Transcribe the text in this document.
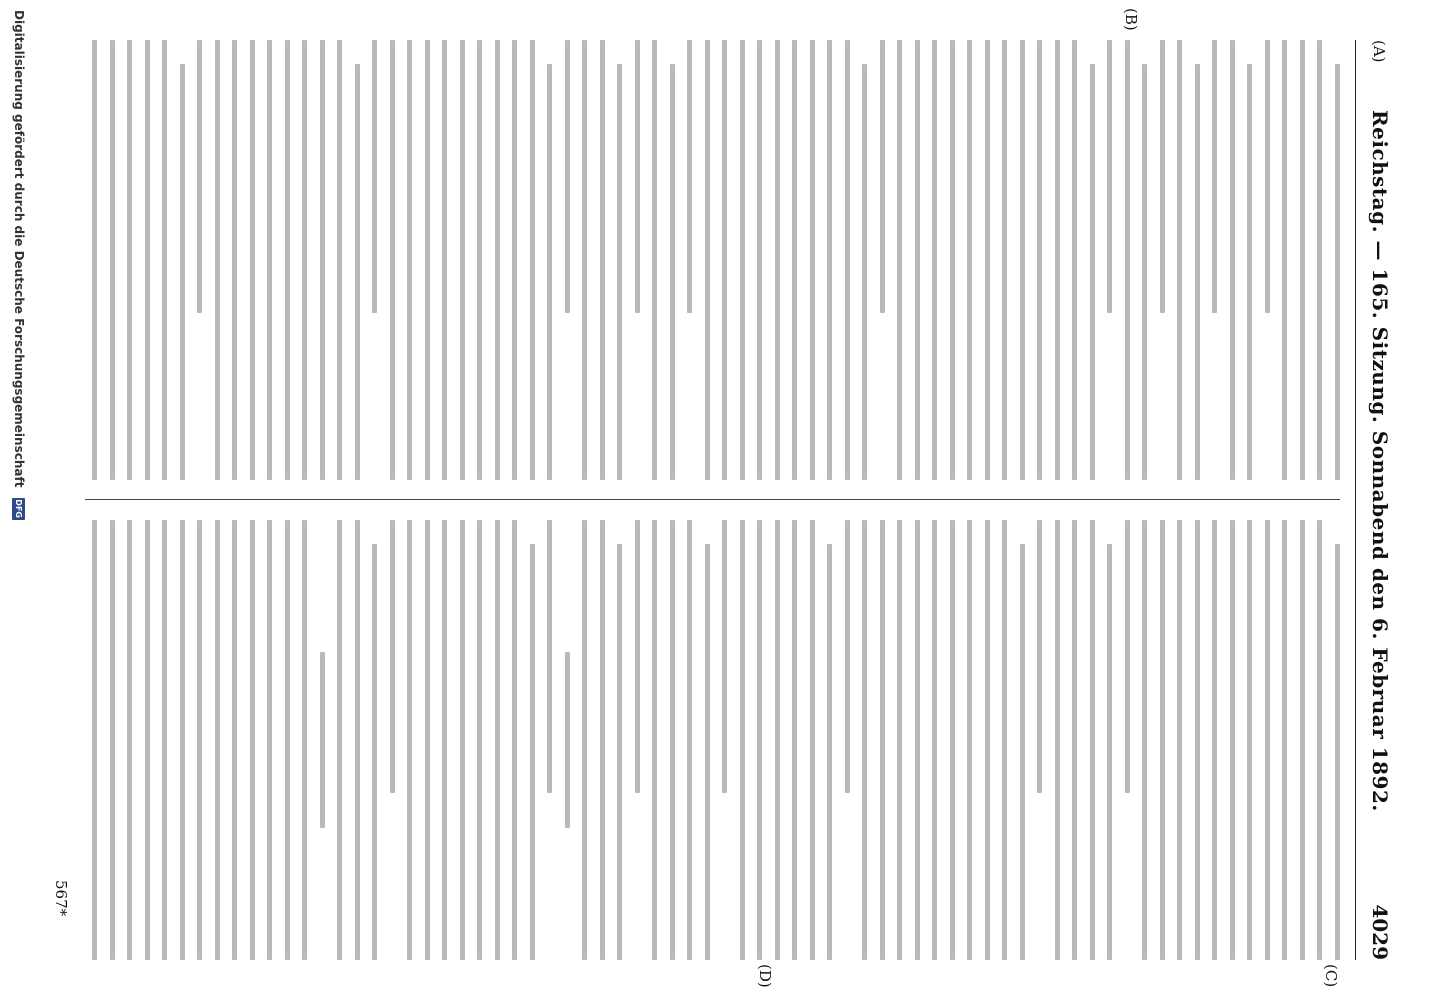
(A)
Reichstag. — 165. Sitzung. Sonnabend den 6. Februar 1892.
4029
(B)
(C)
(D)
567*
Digitalisierung gefördert durch die Deutsche Forschungsgemeinschaft DFG
